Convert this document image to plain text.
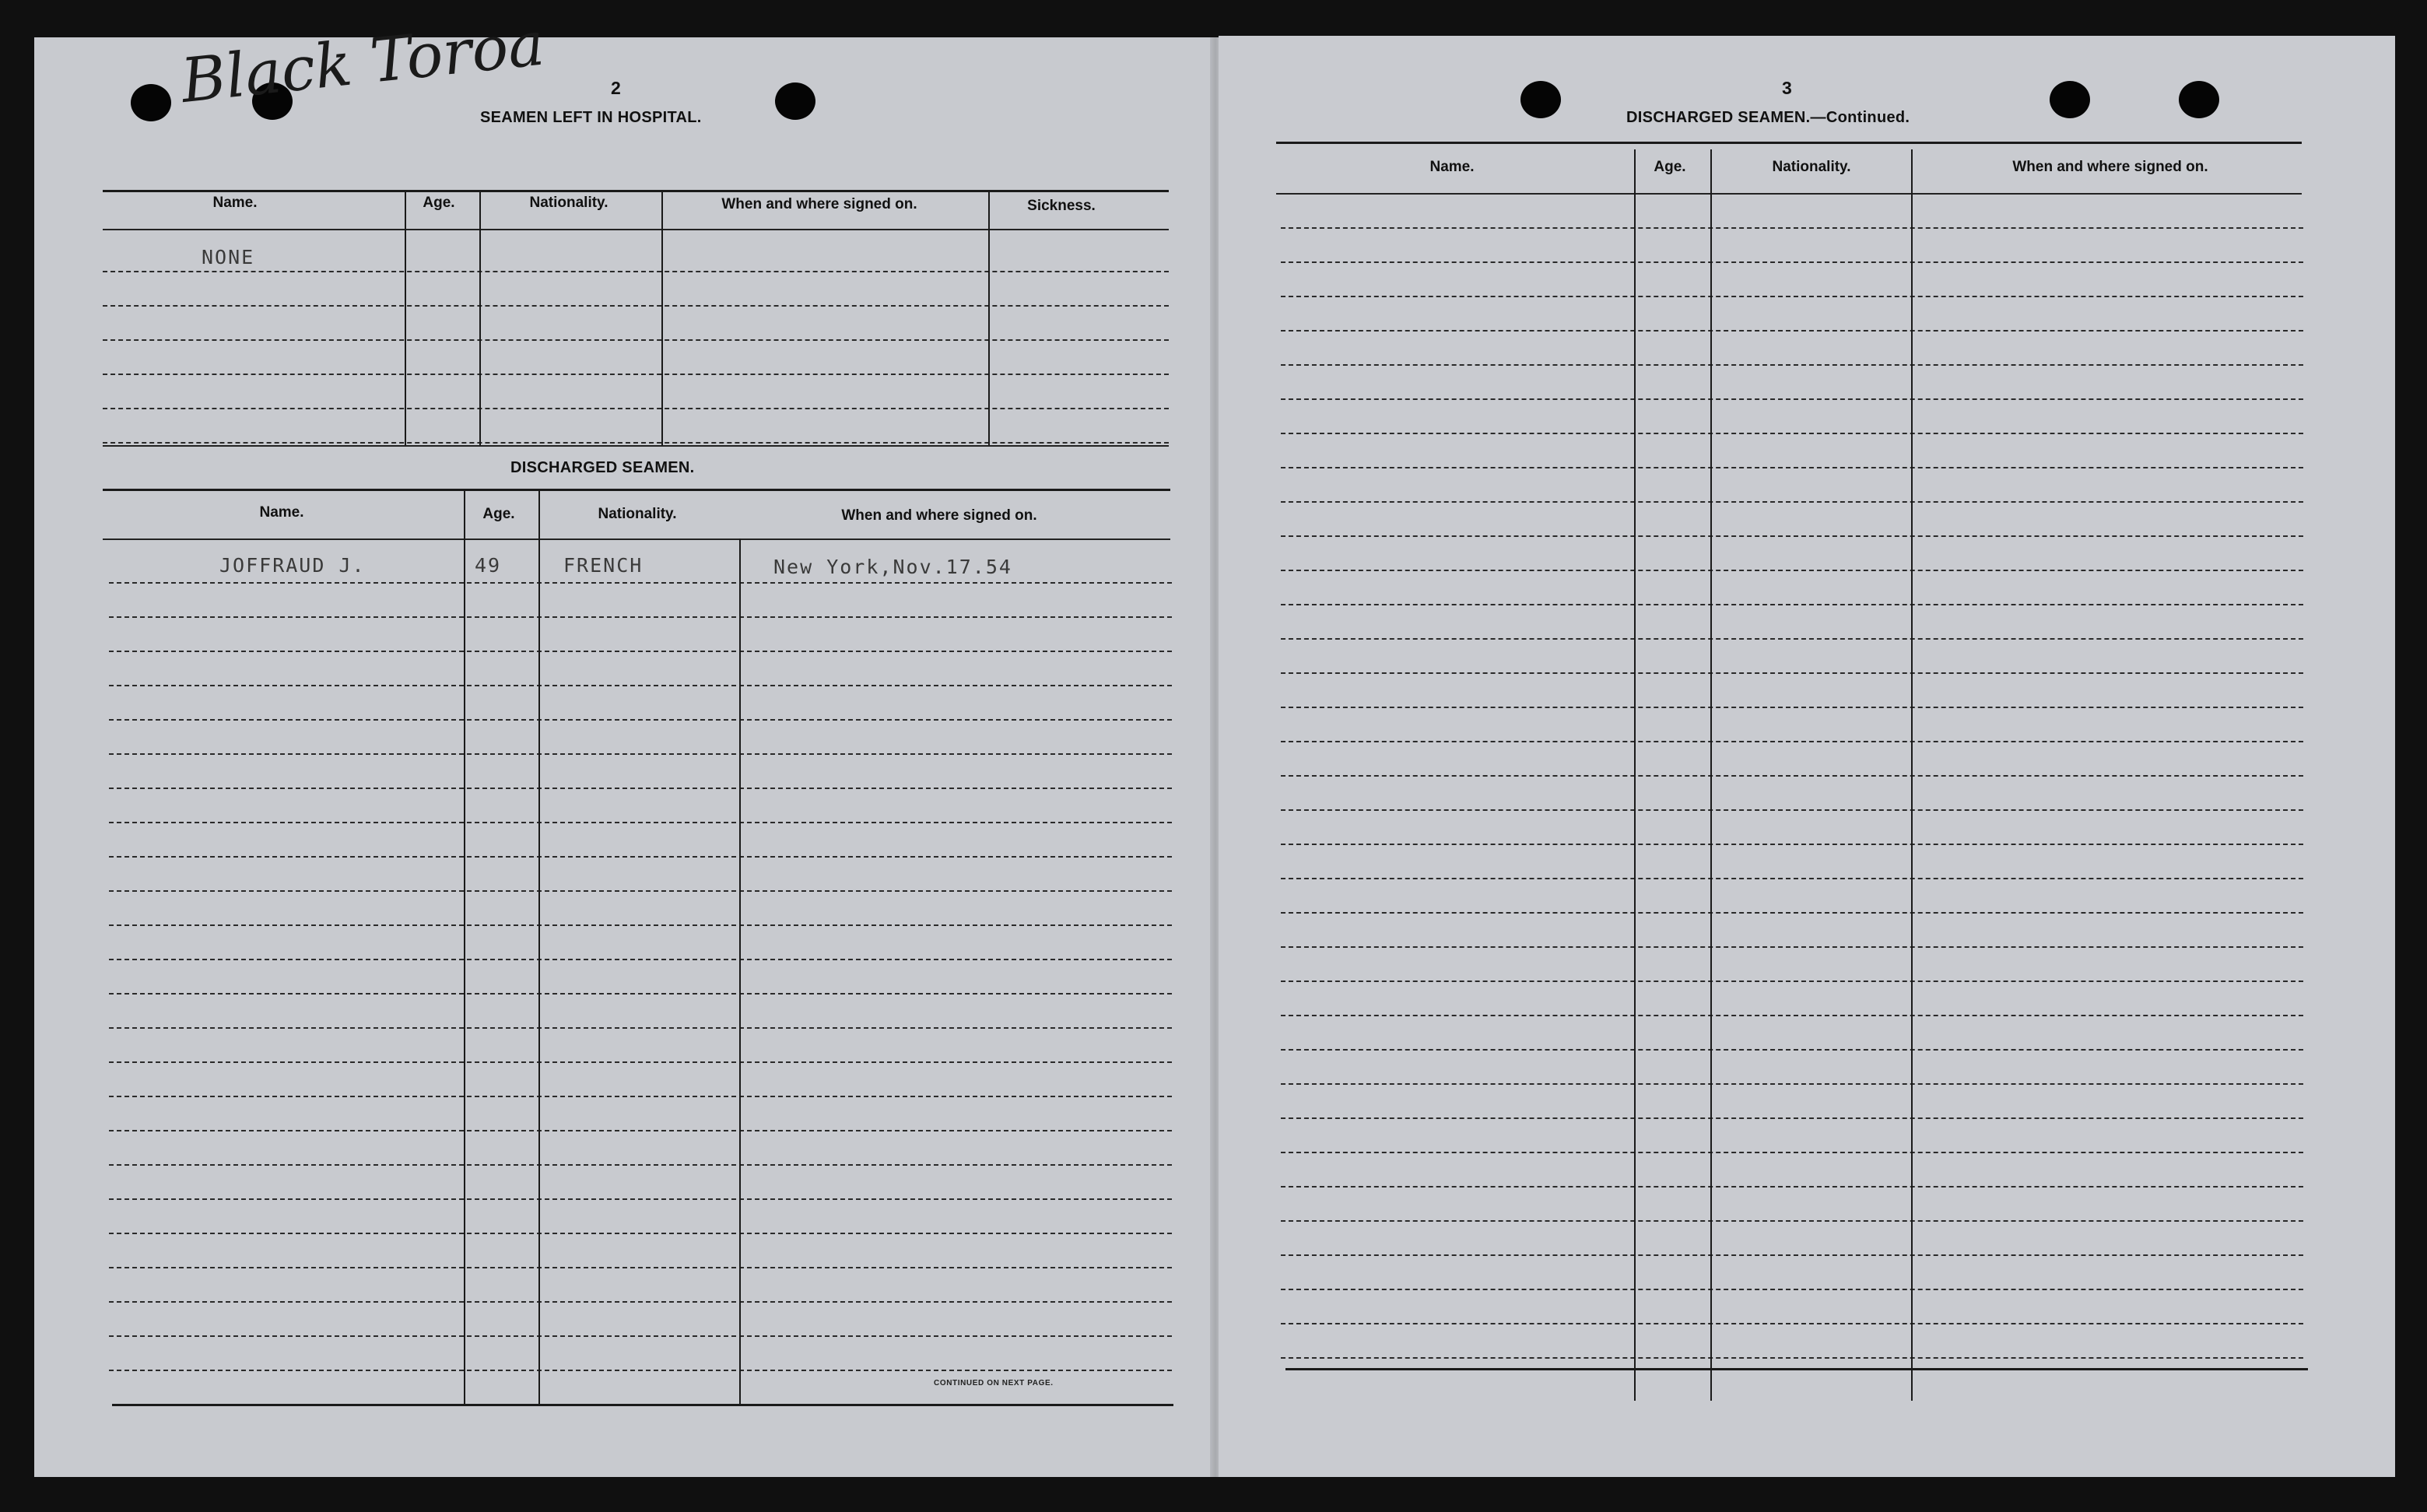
2
SEAMEN LEFT IN HOSPITAL.
Name.	Age.	Nationality.	When and where signed on.	Sickness.
NONE
DISCHARGED SEAMEN.
Name.	Age.	Nationality.	When and where signed on.
JOFFRAUD J.	49	FRENCH	New York,Nov.17.54
CONTINUED ON NEXT PAGE.
3
DISCHARGED SEAMEN.—Continued.
Name.	Age.	Nationality.	When and where signed on.
Black Toroa
